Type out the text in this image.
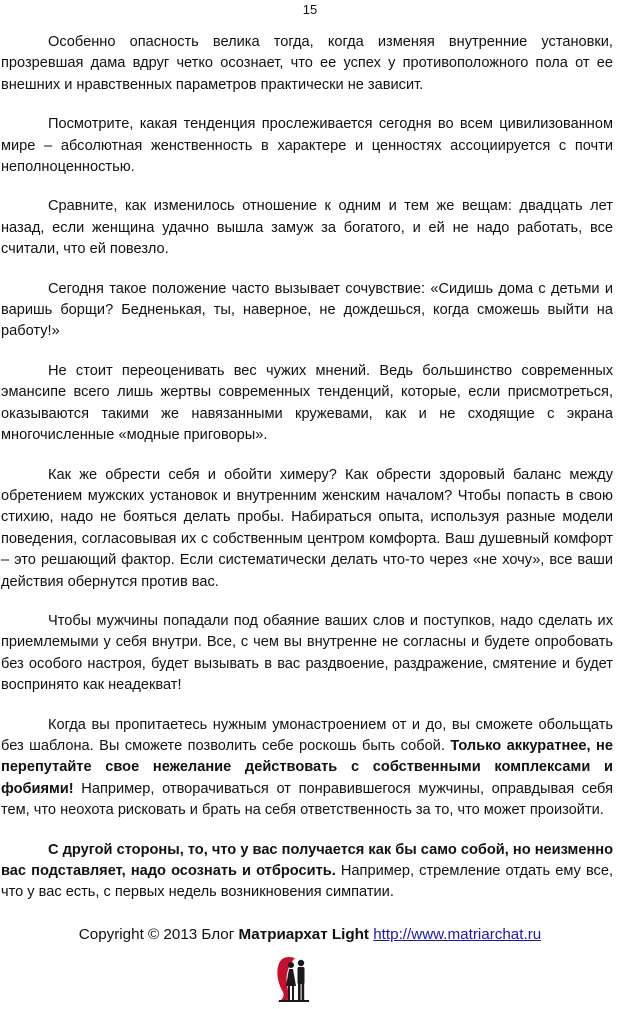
15

Особенно опасность велика тогда, когда изменяя внутренние установки, прозревшая дама вдруг четко осознает, что ее успех у противоположного пола от ее внешних и нравственных параметров практически не зависит.

Посмотрите, какая тенденция прослеживается сегодня во всем цивилизованном мире – абсолютная женственность в характере и ценностях ассоциируется с почти неполноценностью.

Сравните, как изменилось отношение к одним и тем же вещам: двадцать лет назад, если женщина удачно вышла замуж за богатого, и ей не надо работать, все считали, что ей повезло.

Сегодня такое положение часто вызывает сочувствие: «Сидишь дома с детьми и варишь борщи? Бедненькая, ты, наверное, не дождешься, когда сможешь выйти на работу!»

Не стоит переоценивать вес чужих мнений. Ведь большинство современных эмансипе всего лишь жертвы современных тенденций, которые, если присмотреться, оказываются такими же навязанными кружевами, как и не сходящие с экрана многочисленные «модные приговоры».

Как же обрести себя и обойти химеру? Как обрести здоровый баланс между обретением мужских установок и внутренним женским началом? Чтобы попасть в свою стихию, надо не бояться делать пробы. Набираться опыта, используя разные модели поведения, согласовывая их с собственным центром комфорта. Ваш душевный комфорт – это решающий фактор. Если систематически делать что-то через «не хочу», все ваши действия обернутся против вас.

Чтобы мужчины попадали под обаяние ваших слов и поступков, надо сделать их приемлемыми у себя внутри. Все, с чем вы внутренне не согласны и будете опробовать без особого настроя, будет вызывать в вас раздвоение, раздражение, смятение и будет воспринято как неадекват!

Когда вы пропитаетесь нужным умонастроением от и до, вы сможете обольщать без шаблона. Вы сможете позволить себе роскошь быть собой. Только аккуратнее, не перепутайте свое нежелание действовать с собственными комплексами и фобиями! Например, отворачиваться от понравившегося мужчины, оправдывая себя тем, что неохота рисковать и брать на себя ответственность за то, что может произойти.

С другой стороны, то, что у вас получается как бы само собой, но неизменно вас подставляет, надо осознать и отбросить. Например, стремление отдать ему все, что у вас есть, с первых недель возникновения симпатии.

Copyright © 2013 Блог Матриархат Light http://www.matriarchat.ru
